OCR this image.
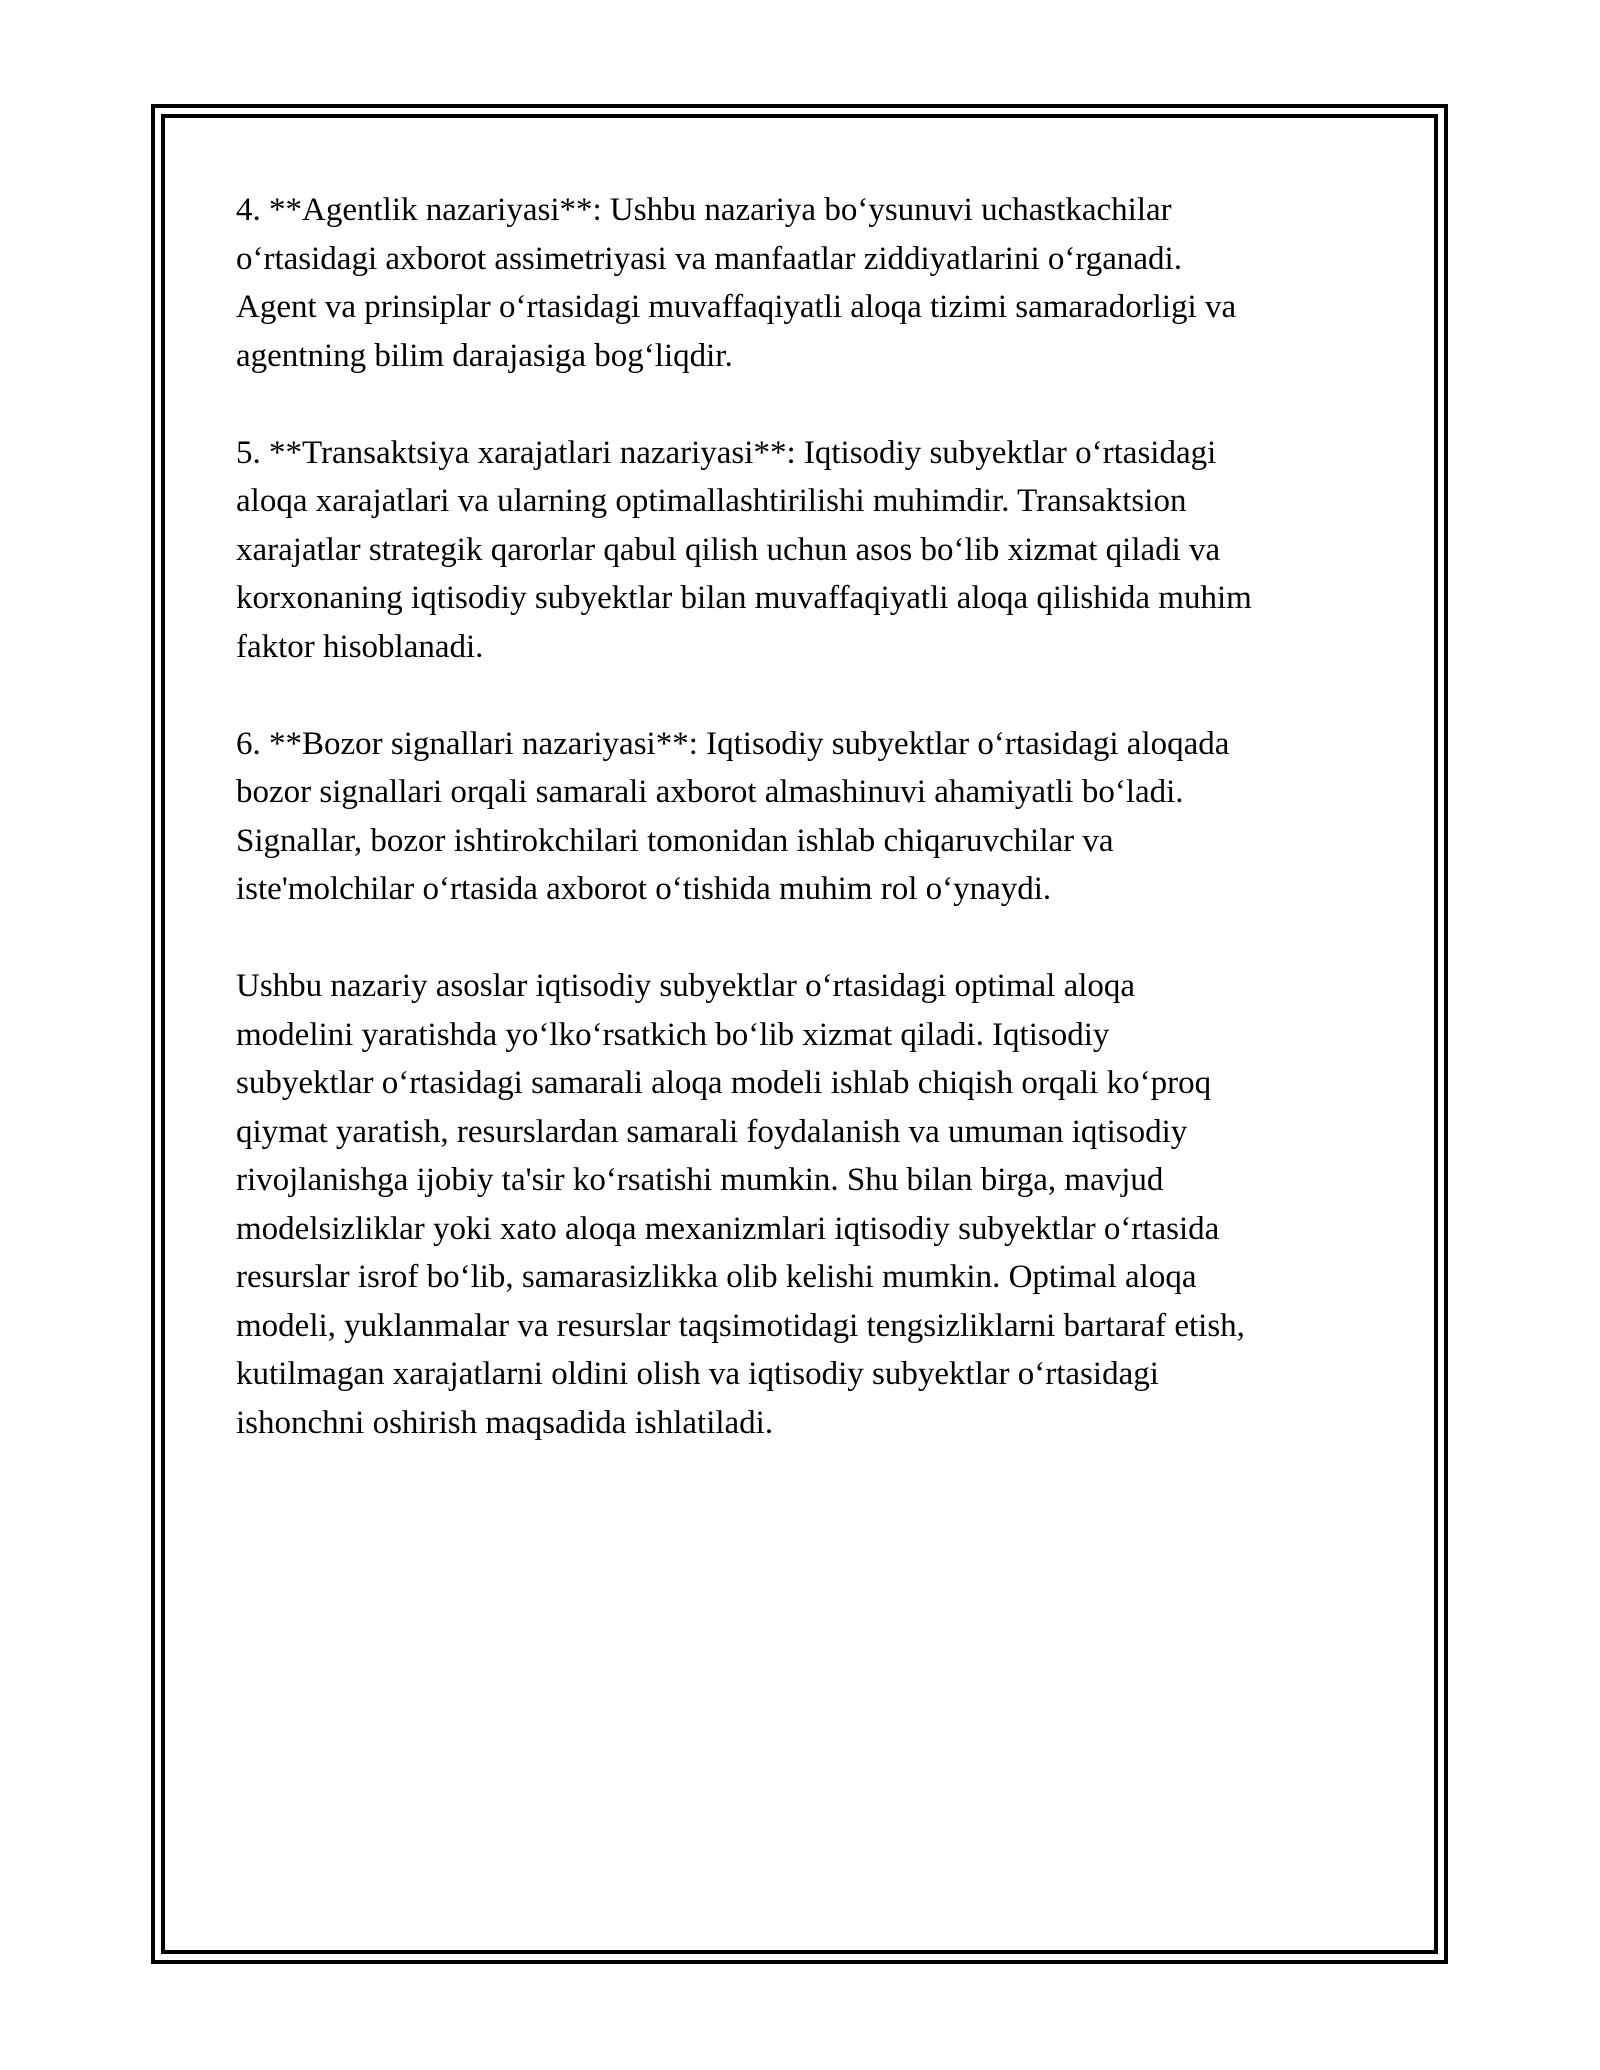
4. **Agentlik nazariyasi**: Ushbu nazariya bo‘ysunuvi uchastkachilar
o‘rtasidagi axborot assimetriyasi va manfaatlar ziddiyatlarini o‘rganadi.
Agent va prinsiplar o‘rtasidagi muvaffaqiyatli aloqa tizimi samaradorligi va
agentning bilim darajasiga bog‘liqdir.

5. **Transaktsiya xarajatlari nazariyasi**: Iqtisodiy subyektlar o‘rtasidagi
aloqa xarajatlari va ularning optimallashtirilishi muhimdir. Transaktsion
xarajatlar strategik qarorlar qabul qilish uchun asos bo‘lib xizmat qiladi va
korxonaning iqtisodiy subyektlar bilan muvaffaqiyatli aloqa qilishida muhim
faktor hisoblanadi.

6. **Bozor signallari nazariyasi**: Iqtisodiy subyektlar o‘rtasidagi aloqada
bozor signallari orqali samarali axborot almashinuvi ahamiyatli bo‘ladi.
Signallar, bozor ishtirokchilari tomonidan ishlab chiqaruvchilar va
iste'molchilar o‘rtasida axborot o‘tishida muhim rol o‘ynaydi.

Ushbu nazariy asoslar iqtisodiy subyektlar o‘rtasidagi optimal aloqa
modelini yaratishda yo‘lko‘rsatkich bo‘lib xizmat qiladi. Iqtisodiy
subyektlar o‘rtasidagi samarali aloqa modeli ishlab chiqish orqali ko‘proq
qiymat yaratish, resurslardan samarali foydalanish va umuman iqtisodiy
rivojlanishga ijobiy ta'sir ko‘rsatishi mumkin. Shu bilan birga, mavjud
modelsizliklar yoki xato aloqa mexanizmlari iqtisodiy subyektlar o‘rtasida
resurslar isrof bo‘lib, samarasizlikka olib kelishi mumkin. Optimal aloqa
modeli, yuklanmalar va resurslar taqsimotidagi tengsizliklarni bartaraf etish,
kutilmagan xarajatlarni oldini olish va iqtisodiy subyektlar o‘rtasidagi
ishonchni oshirish maqsadida ishlatiladi.
